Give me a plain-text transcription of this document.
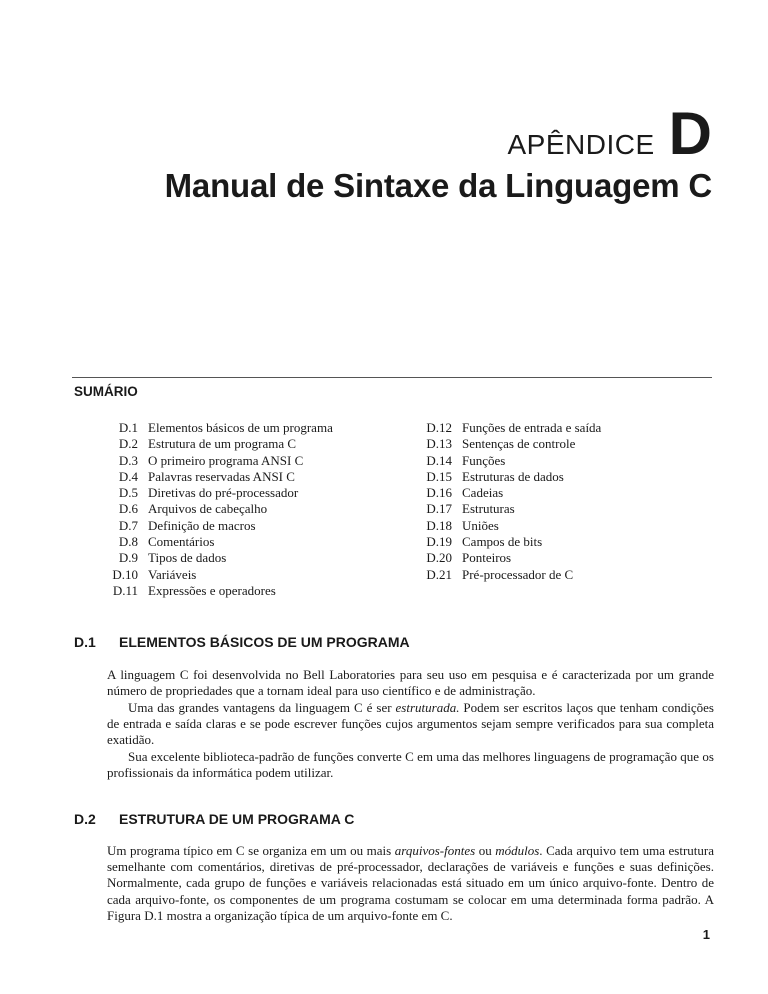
APÊNDICE D
Manual de Sintaxe da Linguagem C
SUMÁRIO
D.1 Elementos básicos de um programa
D.2 Estrutura de um programa C
D.3 O primeiro programa ANSI C
D.4 Palavras reservadas ANSI C
D.5 Diretivas do pré-processador
D.6 Arquivos de cabeçalho
D.7 Definição de macros
D.8 Comentários
D.9 Tipos de dados
D.10 Variáveis
D.11 Expressões e operadores
D.12 Funções de entrada e saída
D.13 Sentenças de controle
D.14 Funções
D.15 Estruturas de dados
D.16 Cadeias
D.17 Estruturas
D.18 Uniões
D.19 Campos de bits
D.20 Ponteiros
D.21 Pré-processador de C
D.1 ELEMENTOS BÁSICOS DE UM PROGRAMA

A linguagem C foi desenvolvida no Bell Laboratories para seu uso em pesquisa e é caracterizada por um grande número de propriedades que a tornam ideal para uso científico e de administração.

Uma das grandes vantagens da linguagem C é ser estruturada. Podem ser escritos laços que tenham condições de entrada e saída claras e se pode escrever funções cujos argumentos sejam sempre verificados para sua completa exatidão.

Sua excelente biblioteca-padrão de funções converte C em uma das melhores linguagens de programação que os profissionais da informática podem utilizar.

D.2 ESTRUTURA DE UM PROGRAMA C

Um programa típico em C se organiza em um ou mais arquivos-fontes ou módulos. Cada arquivo tem uma estrutura semelhante com comentários, diretivas de pré-processador, declarações de variáveis e funções e suas definições. Normalmente, cada grupo de funções e variáveis relacionadas está situado em um único arquivo-fonte. Dentro de cada arquivo-fonte, os componentes de um programa costumam se colocar em uma determinada forma padrão. A Figura D.1 mostra a organização típica de um arquivo-fonte em C.

1
